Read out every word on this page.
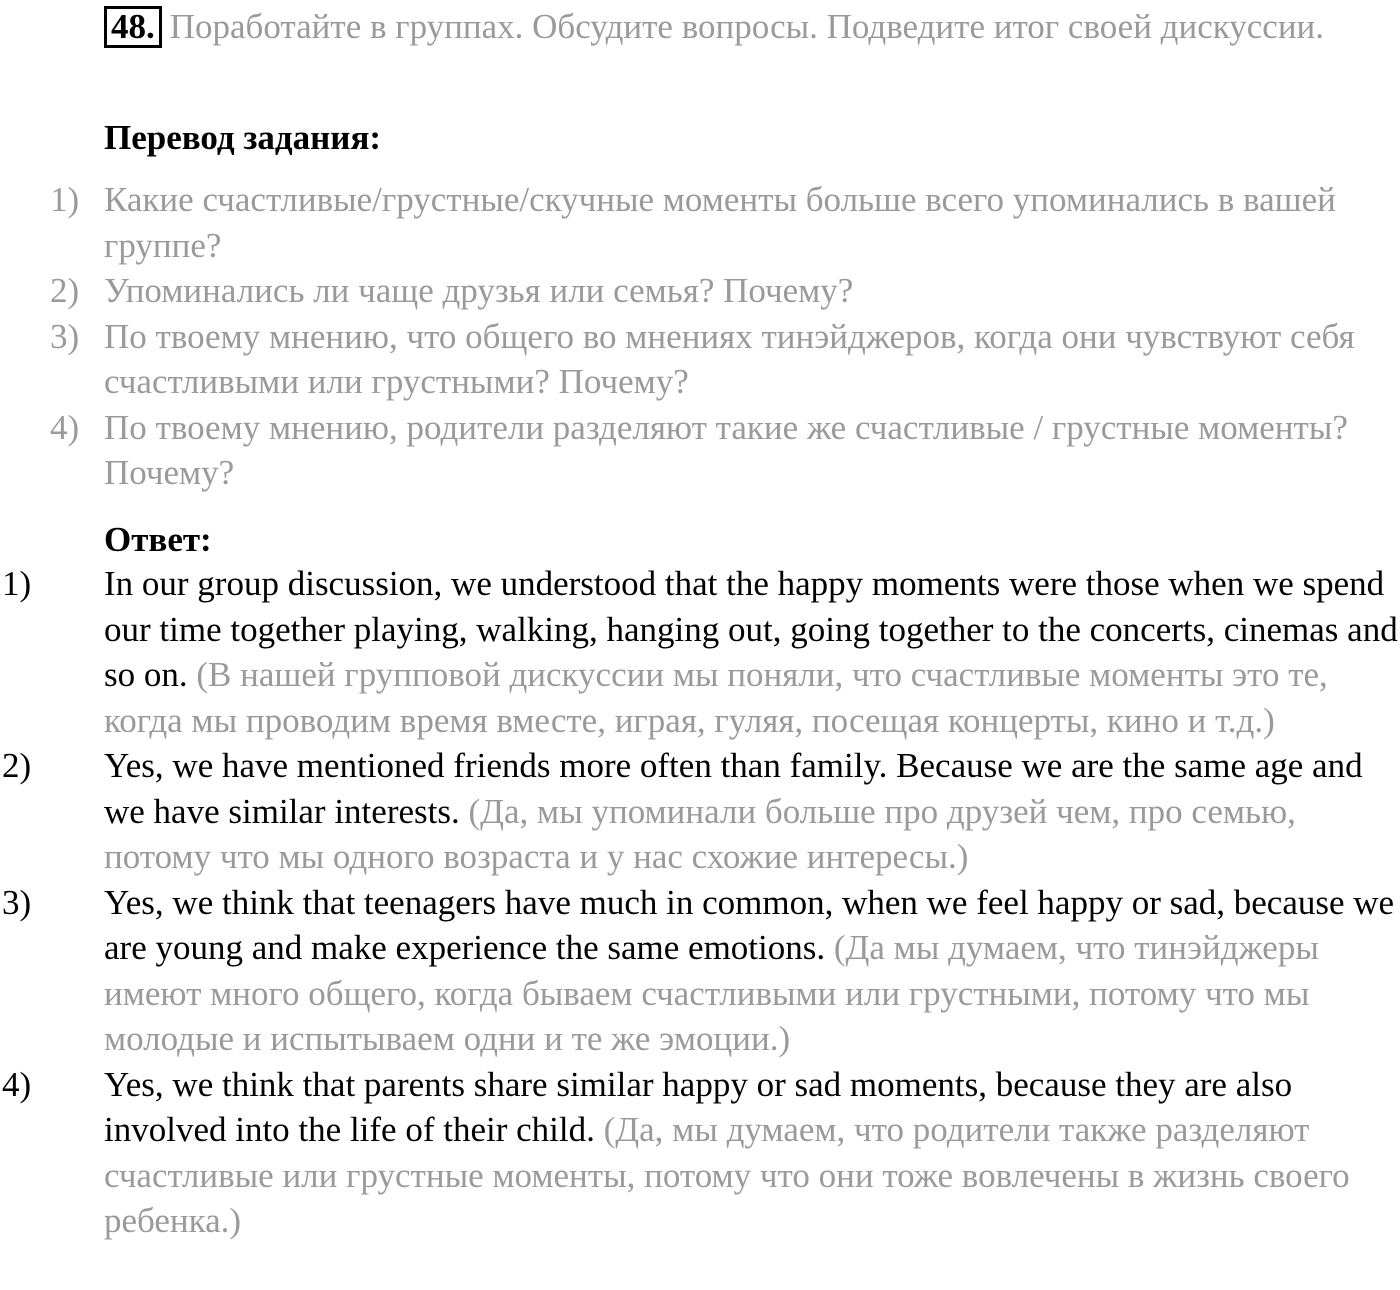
48. Поработайте в группах. Обсудите вопросы. Подведите итог своей дискуссии.
Перевод задания:
1) Какие счастливые/грустные/скучные моменты больше всего упоминались в вашей группе?
2) Упоминались ли чаще друзья или семья? Почему?
3) По твоему мнению, что общего во мнениях тинэйджеров, когда они чувствуют себя счастливыми или грустными? Почему?
4) По твоему мнению, родители разделяют такие же счастливые / грустные моменты? Почему?
Ответ:
1)	In our group discussion, we understood that the happy moments were those when we spend our time together playing, walking, hanging out, going together to the concerts, cinemas and so on. (В нашей групповой дискуссии мы поняли, что счастливые моменты это те, когда мы проводим время вместе, играя, гуляя, посещая концерты, кино и т.д.)
2)	Yes, we have mentioned friends more often than family. Because we are the same age and we have similar interests. (Да, мы упоминали больше про друзей чем, про семью, потому что мы одного возраста и у нас схожие интересы.)
3)	Yes, we think that teenagers have much in common, when we feel happy or sad, because we are young and make experience the same emotions. (Да мы думаем, что тинэйджеры имеют много общего, когда бываем счастливыми или грустными, потому что мы молодые и испытываем одни и те же эмоции.)
4)	Yes, we think that parents share similar happy or sad moments, because they are also involved into the life of their child. (Да, мы думаем, что родители также разделяют счастливые или грустные моменты, потому что они тоже вовлечены в жизнь своего ребенка.)
